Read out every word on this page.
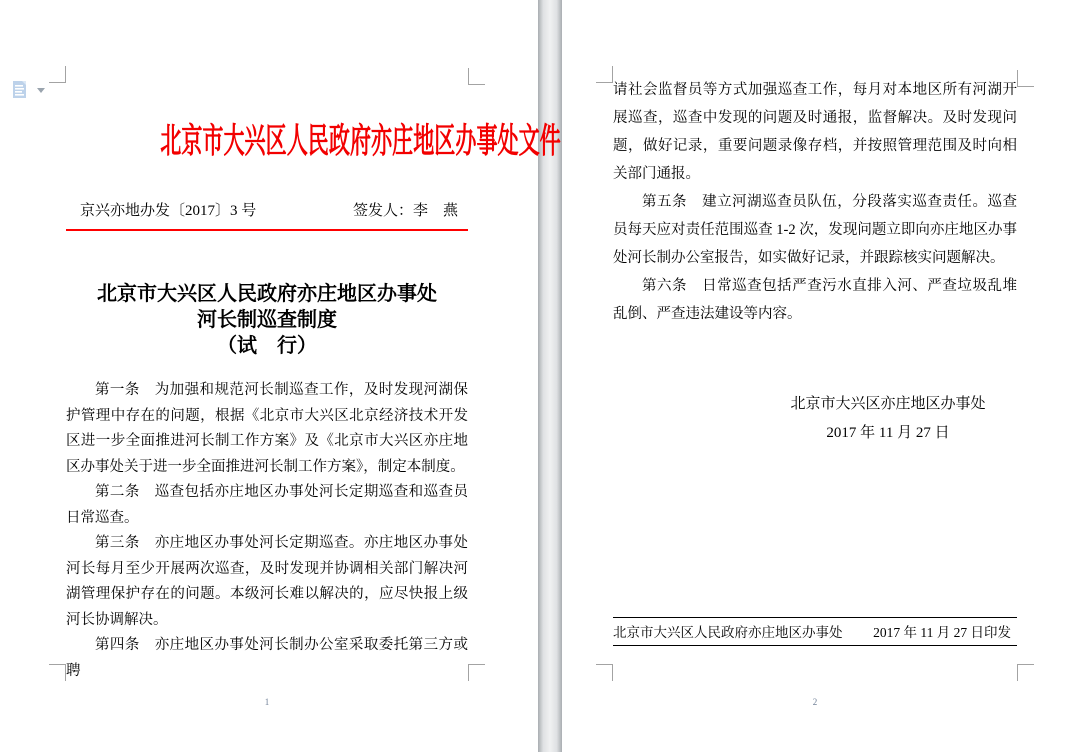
北京市大兴区人民政府亦庄地区办事处文件
京兴亦地办发〔2017〕3 号	签发人：李　燕
北京市大兴区人民政府亦庄地区办事处
河长制巡查制度
（试　行）

第一条　为加强和规范河长制巡查工作，及时发现河湖保护管理中存在的问题，根据《北京市大兴区北京经济技术开发区进一步全面推进河长制工作方案》及《北京市大兴区亦庄地区办事处关于进一步全面推进河长制工作方案》，制定本制度。

第二条　巡查包括亦庄地区办事处河长定期巡查和巡查员日常巡查。

第三条　亦庄地区办事处河长定期巡查。亦庄地区办事处河长每月至少开展两次巡查，及时发现并协调相关部门解决河湖管理保护存在的问题。本级河长难以解决的，应尽快报上级河长协调解决。

第四条　亦庄地区办事处河长制办公室采取委托第三方或聘

1

请社会监督员等方式加强巡查工作，每月对本地区所有河湖开展巡查，巡查中发现的问题及时通报，监督解决。及时发现问题，做好记录，重要问题录像存档，并按照管理范围及时向相关部门通报。

第五条　建立河湖巡查员队伍，分段落实巡查责任。巡查员每天应对责任范围巡查 1-2 次，发现问题立即向亦庄地区办事处河长制办公室报告，如实做好记录，并跟踪核实问题解决。

第六条　日常巡查包括严查污水直排入河、严查垃圾乱堆乱倒、严查违法建设等内容。

北京市大兴区亦庄地区办事处
2017 年 11 月 27 日
北京市大兴区人民政府亦庄地区办事处 2017 年 11 月 27 日印发
2
